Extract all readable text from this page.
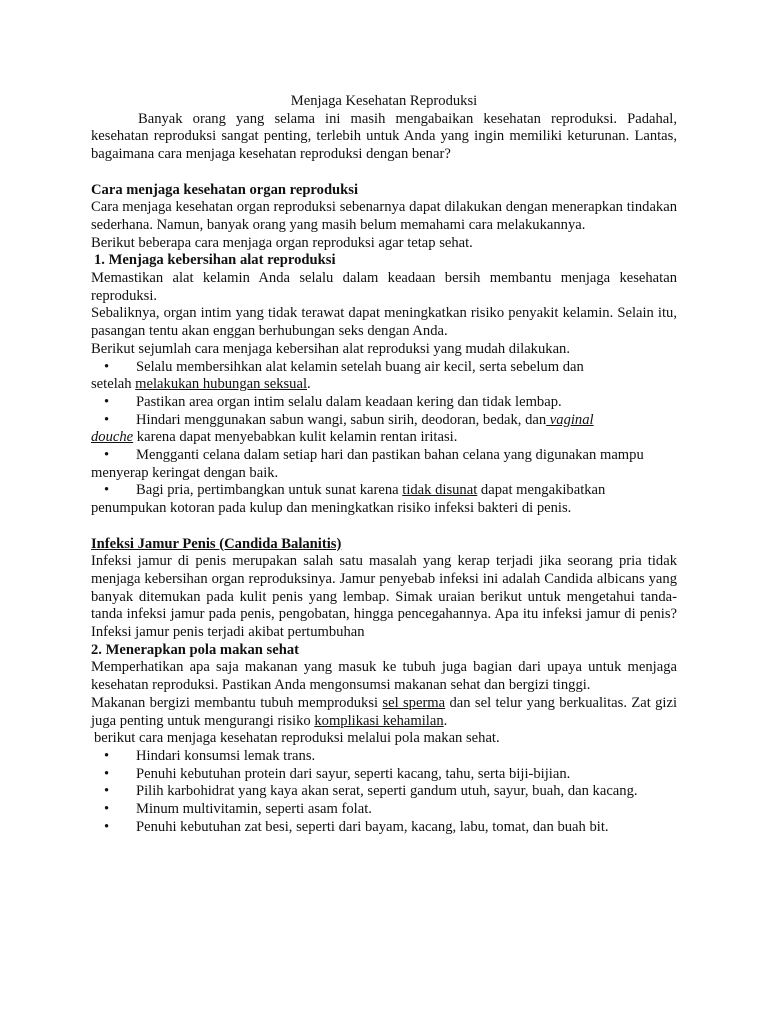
Menjaga Kesehatan Reproduksi

Banyak orang yang selama ini masih mengabaikan kesehatan reproduksi. Padahal, kesehatan reproduksi sangat penting, terlebih untuk Anda yang ingin memiliki keturunan. Lantas, bagaimana cara menjaga kesehatan reproduksi dengan benar?

Cara menjaga kesehatan organ reproduksi

Cara menjaga kesehatan organ reproduksi sebenarnya dapat dilakukan dengan menerapkan tindakan sederhana. Namun, banyak orang yang masih belum memahami cara melakukannya.

Berikut beberapa cara menjaga organ reproduksi agar tetap sehat.

1. Menjaga kebersihan alat reproduksi

Memastikan alat kelamin Anda selalu dalam keadaan bersih membantu menjaga kesehatan reproduksi.

Sebaliknya, organ intim yang tidak terawat dapat meningkatkan risiko penyakit kelamin. Selain itu, pasangan tentu akan enggan berhubungan seks dengan Anda.

Berikut sejumlah cara menjaga kebersihan alat reproduksi yang mudah dilakukan.

• Selalu membersihkan alat kelamin setelah buang air kecil, serta sebelum dan
setelah melakukan hubungan seksual.
• Pastikan area organ intim selalu dalam keadaan kering dan tidak lembap.
• Hindari menggunakan sabun wangi, sabun sirih, deodoran, bedak, dan vaginal
douche karena dapat menyebabkan kulit kelamin rentan iritasi.
• Mengganti celana dalam setiap hari dan pastikan bahan celana yang digunakan mampu menyerap keringat dengan baik.
• Bagi pria, pertimbangkan untuk sunat karena tidak disunat dapat mengakibatkan penumpukan kotoran pada kulup dan meningkatkan risiko infeksi bakteri di penis.

Infeksi Jamur Penis (Candida Balanitis)

Infeksi jamur di penis merupakan salah satu masalah yang kerap terjadi jika seorang pria tidak menjaga kebersihan organ reproduksinya. Jamur penyebab infeksi ini adalah Candida albicans yang banyak ditemukan pada kulit penis yang lembap. Simak uraian berikut untuk mengetahui tanda-tanda infeksi jamur pada penis, pengobatan, hingga pencegahannya. Apa itu infeksi jamur di penis? Infeksi jamur penis terjadi akibat pertumbuhan

2. Menerapkan pola makan sehat

Memperhatikan apa saja makanan yang masuk ke tubuh juga bagian dari upaya untuk menjaga kesehatan reproduksi. Pastikan Anda mengonsumsi makanan sehat dan bergizi tinggi.

Makanan bergizi membantu tubuh memproduksi sel sperma dan sel telur yang berkualitas. Zat gizi juga penting untuk mengurangi risiko komplikasi kehamilan.

berikut cara menjaga kesehatan reproduksi melalui pola makan sehat.

• Hindari konsumsi lemak trans.
• Penuhi kebutuhan protein dari sayur, seperti kacang, tahu, serta biji-bijian.
• Pilih karbohidrat yang kaya akan serat, seperti gandum utuh, sayur, buah, dan kacang.
• Minum multivitamin, seperti asam folat.
• Penuhi kebutuhan zat besi, seperti dari bayam, kacang, labu, tomat, dan buah bit.
